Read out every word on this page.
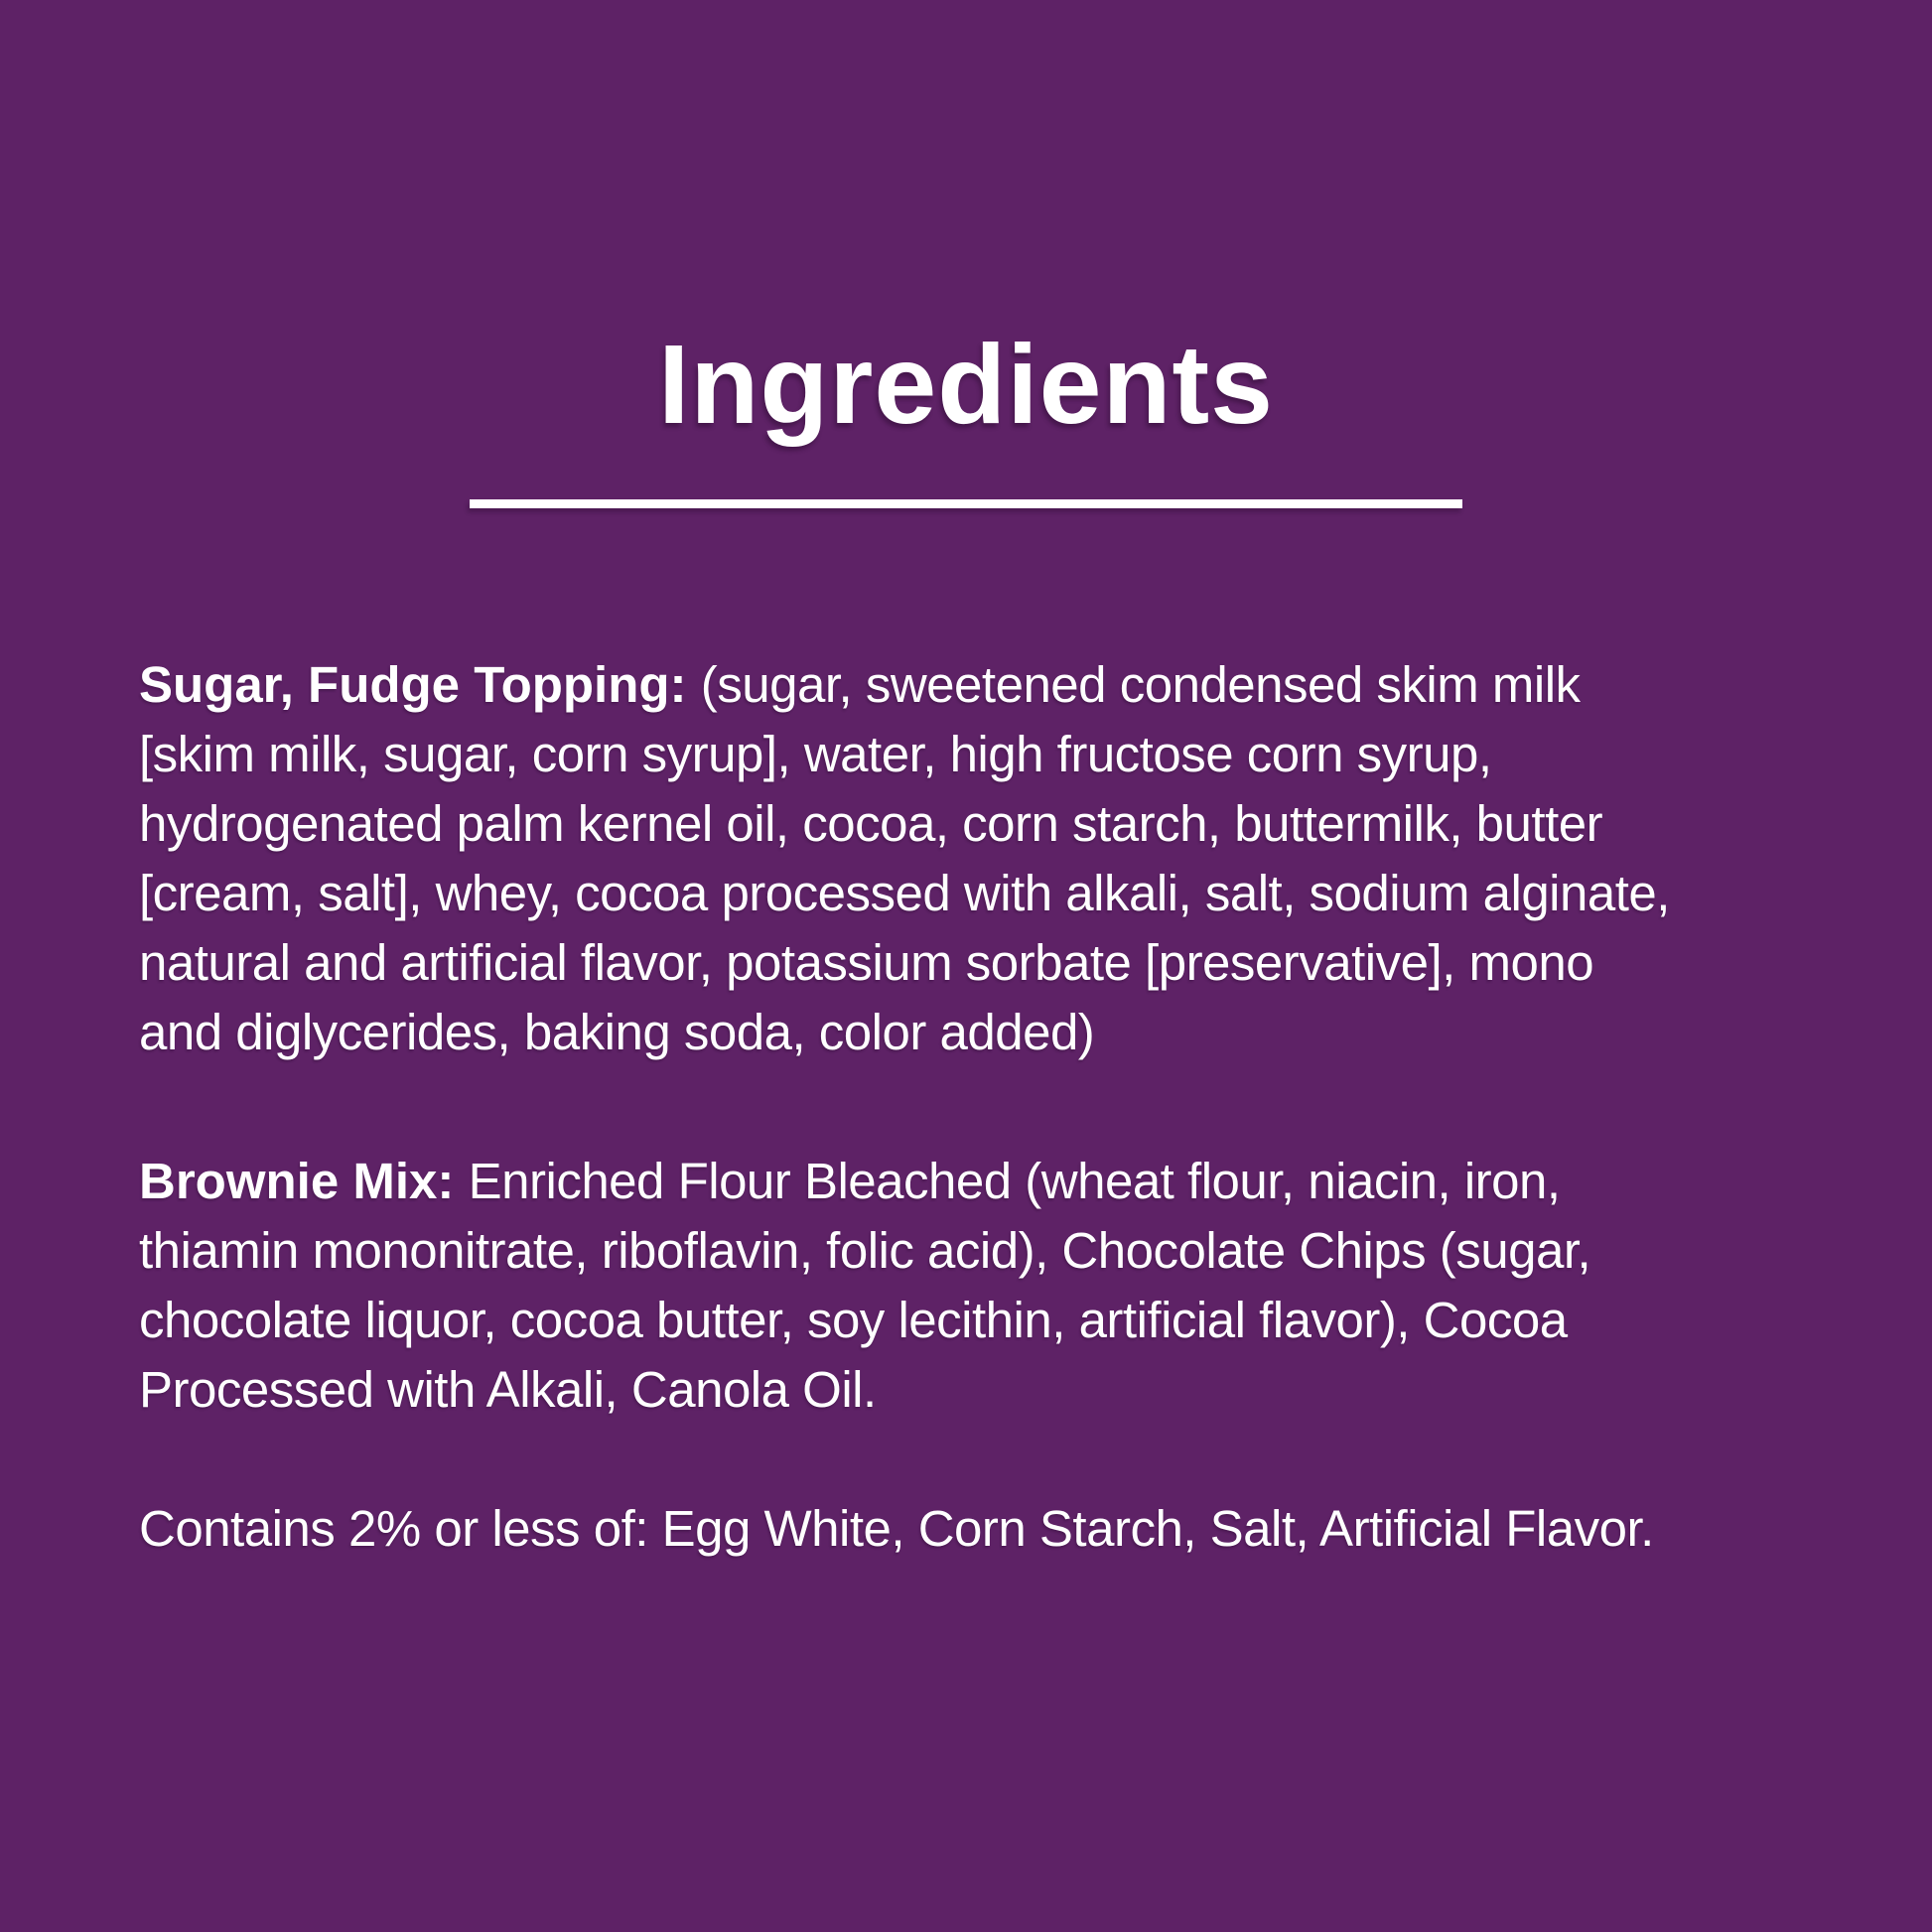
Ingredients
Sugar, Fudge Topping: (sugar, sweetened condensed skim milk
[skim milk, sugar, corn syrup], water, high fructose corn syrup,
hydrogenated palm kernel oil, cocoa, corn starch, buttermilk, butter
[cream, salt], whey, cocoa processed with alkali, salt, sodium alginate,
natural and artificial flavor, potassium sorbate [preservative], mono
and diglycerides, baking soda, color added)
Brownie Mix: Enriched Flour Bleached (wheat flour, niacin, iron,
thiamin mononitrate, riboflavin, folic acid), Chocolate Chips (sugar,
chocolate liquor, cocoa butter, soy lecithin, artificial flavor), Cocoa
Processed with Alkali, Canola Oil.
Contains 2% or less of: Egg White, Corn Starch, Salt, Artificial Flavor.
